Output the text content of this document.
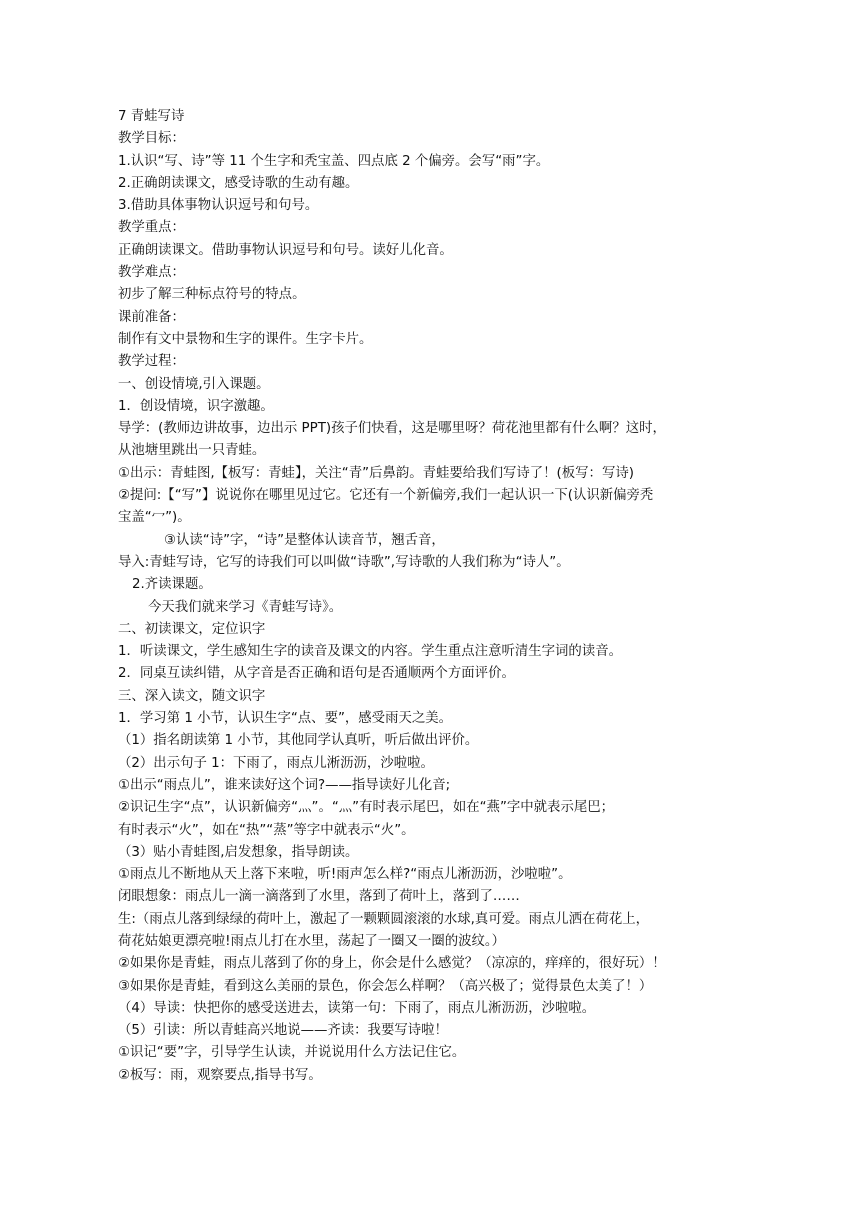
7 青蛙写诗
教学目标：
1.认识“写、诗”等 11 个生字和秃宝盖、四点底 2 个偏旁。会写“雨”字。
2.正确朗读课文，感受诗歌的生动有趣。
3.借助具体事物认识逗号和句号。
教学重点：
正确朗读课文。借助事物认识逗号和句号。读好儿化音。
教学难点：
初步了解三种标点符号的特点。
课前准备：
制作有文中景物和生字的课件。生字卡片。
教学过程：
一、创设情境,引入课题。
1．创设情境，识字激趣。
导学：(教师边讲故事，边出示 PPT)孩子们快看，这是哪里呀？荷花池里都有什么啊？这时，
从池塘里跳出一只青蛙。
①出示：青蛙图,【板写：青蛙】，关注“青”后鼻韵。青蛙要给我们写诗了！(板写：写诗)
②提问:【“写”】说说你在哪里见过它。它还有一个新偏旁,我们一起认识一下(认识新偏旁秃
宝盖“冖”)。
③认读“诗”字，“诗”是整体认读音节，翘舌音，
导入:青蛙写诗，它写的诗我们可以叫做“诗歌”,写诗歌的人我们称为“诗人”。
2.齐读课题。
今天我们就来学习《青蛙写诗》。
二、初读课文，定位识字
1．听读课文，学生感知生字的读音及课文的内容。学生重点注意听清生字词的读音。
2．同桌互读纠错，从字音是否正确和语句是否通顺两个方面评价。
三、深入读文，随文识字
1．学习第 1 小节，认识生字“点、要”，感受雨天之美。
（1）指名朗读第 1 小节，其他同学认真听，听后做出评价。
（2）出示句子 1：下雨了，雨点儿淅沥沥，沙啦啦。
①出示“雨点儿”，谁来读好这个词?——指导读好儿化音;
②识记生字“点”，认识新偏旁“灬”。“灬”有时表示尾巴，如在“燕”字中就表示尾巴；
有时表示“火”，如在“热”“蒸”等字中就表示“火”。
（3）贴小青蛙图,启发想象，指导朗读。
①雨点儿不断地从天上落下来啦，听!雨声怎么样?“雨点儿淅沥沥，沙啦啦”。
闭眼想象：雨点儿一滴一滴落到了水里，落到了荷叶上，落到了……
生:（雨点儿落到绿绿的荷叶上，激起了一颗颗圆滚滚的水球,真可爱。雨点儿洒在荷花上，
荷花姑娘更漂亮啦!雨点儿打在水里，荡起了一圈又一圈的波纹。）
②如果你是青蛙，雨点儿落到了你的身上，你会是什么感觉？（凉凉的，痒痒的，很好玩）！
③如果你是青蛙，看到这么美丽的景色，你会怎么样啊？（高兴极了；觉得景色太美了！）
（4）导读：快把你的感受送进去，读第一句：下雨了，雨点儿淅沥沥，沙啦啦。
（5）引读：所以青蛙高兴地说——齐读：我要写诗啦！
①识记“要”字，引导学生认读，并说说用什么方法记住它。
②板写：雨，观察要点,指导书写。
